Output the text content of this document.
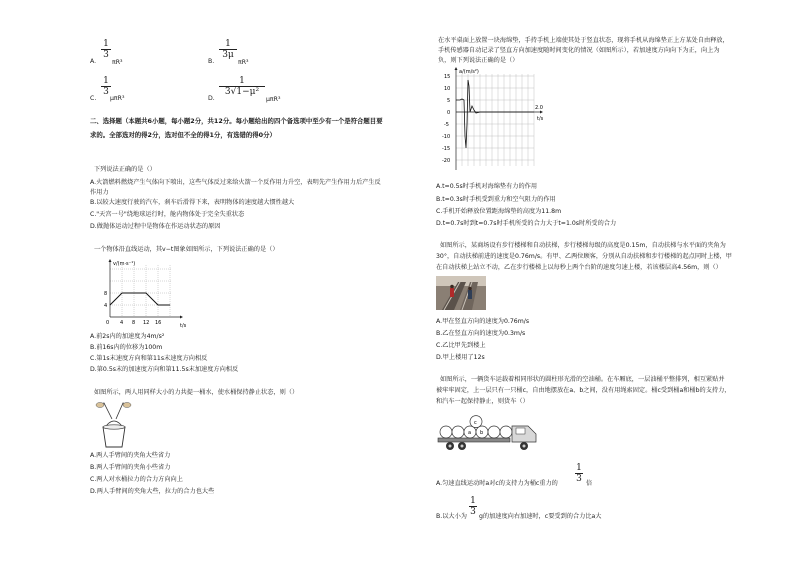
1
3
A.	πR³
1
3μ
B.	πR³
1
3
C. μπR³
1
3√1−μ²
D.	μπR³
二、选择题（本题共6小题，每小题2分，共12分。每小题给出的四个备选项中至少有一个是符合题目要
求的。全部选对的得2分，选对但不全的得1分，有选错的得0分）
下列说法正确的是（）
A.火箭燃料燃烧产生气体向下喷出，这些气体反过来给火箭一个反作用力升空，表明先产生作用力后产生反
作用力
B.以较大速度行驶的汽车，刹车后滑得下来，表明物体的速度越大惯性越大
C."天宫一号"绕地球运行时，舱内物体处于完全失重状态
D.做抛体运动过程中是物体在作运动状态的原因
一个物体沿直线运动，其v−t图象如图所示，下列说法正确的是（）
v/(m·s⁻¹)
8
4
0 4 8 12 16	t/s
A.前2s内的加速度为4m/s²
B.前16s内的位移为100m
C.第1s末速度方向和第11s末速度方向相反
D.第0.5s末的加速度方向和第11.5s末加速度方向相反
如图所示，两人用同样大小的力共提一桶水，使水桶保持静止状态，则（）
A.两人手臂间的夹角大些省力
B.两人手臂间的夹角小些省力
C.两人对水桶拉力的合力方向向上
D.两人手臂间的夹角大些，拉力的合力也大些
在水平桌面上放置一块海绵垫，手持手机上端使其处于竖直状态，现将手机从海绵垫正上方某处自由释放，
手机传感器自动记录了竖直方向加速度随时间变化的情况（如图所示），若加速度方向向下为正，向上为
负，则下列说法正确的是（）
a/(m/s²)
15
10
5
0
-5
-10
-15
-20
2.0
t/s
A.t=0.5s时手机对海绵垫有力的作用
B.t=0.3s时手机受到重力和空气阻力的作用
C.手机开始释放位置距海绵垫的高度为11.8m
D.t=0.7s时到t=0.7s时手机所受的合力大于t=1.0s时所受的合力
如图所示，某商场设有步行楼梯和自动扶梯，步行楼梯每级的高度是0.15m，自动扶梯与水平面的夹角为
30°，自动扶梯前进的速度是0.76m/s。有甲、乙两位顾客，分别从自动扶梯和步行楼梯的起点同时上楼，甲
在自动扶梯上站立不动，乙在步行楼梯上以每秒上两个台阶的速度匀速上楼，若该楼层高4.56m，则（）
A.甲在竖直方向的速度为0.76m/s
B.乙在竖直方向的速度为0.3m/s
C.乙比甲先到楼上
D.甲上楼用了12s
如图所示，一辆货车运载着相同形状的圆柱形光滑的空油桶。在车厢底，一层油桶平整排列，相互紧贴并
被牢牢固定，上一层只有一只桶c，自由地摆放在a、b之间，没有用绳索固定。桶c受到桶a和桶b的支持力，
和汽车一起保持静止，则货车（）
a b
c
A.匀速直线运动时a对c的支持力为桶c重力的
1
3 倍
B.以大小为
1
3 g的加速度向右加速时，c要受到的合力比a大
